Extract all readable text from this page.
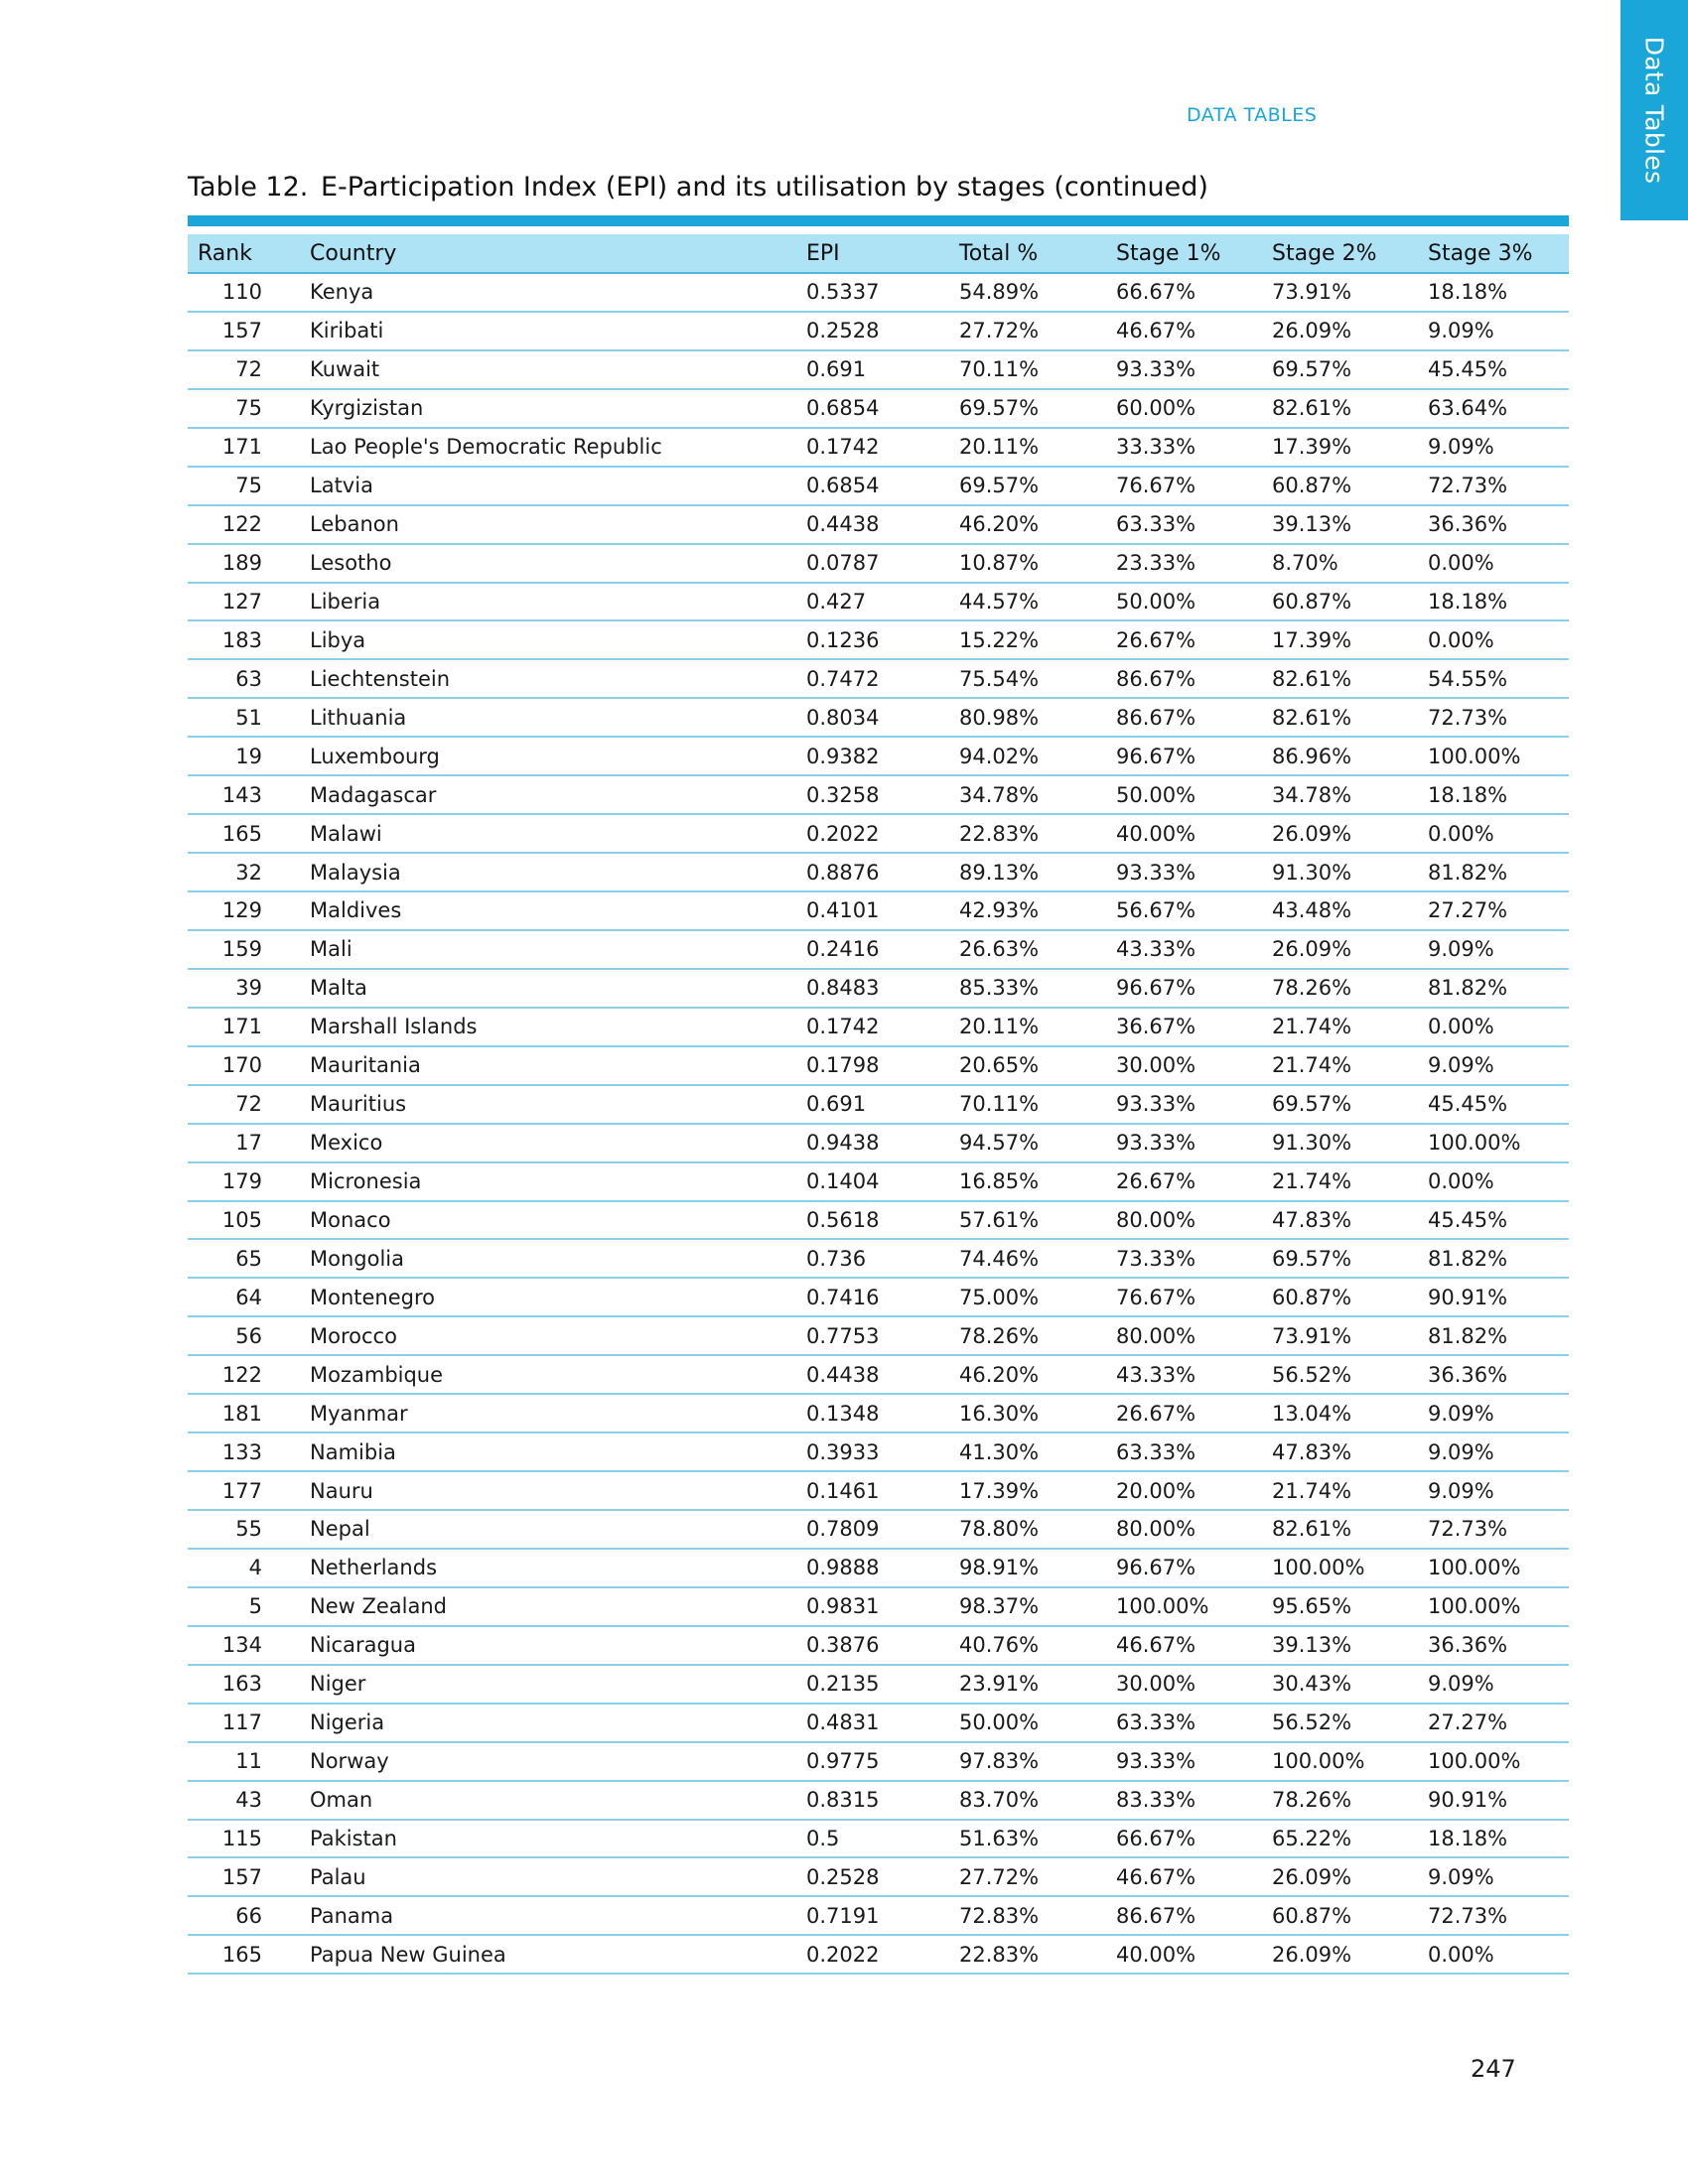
Data Tables
DATA TABLES
Table 12. E-Participation Index (EPI) and its utilisation by stages (continued)
Rank	Country	EPI	Total %	Stage 1%	Stage 2%	Stage 3%
110	Kenya	0.5337	54.89%	66.67%	73.91%	18.18%
157	Kiribati	0.2528	27.72%	46.67%	26.09%	9.09%
72	Kuwait	0.691	70.11%	93.33%	69.57%	45.45%
75	Kyrgizistan	0.6854	69.57%	60.00%	82.61%	63.64%
171	Lao People's Democratic Republic	0.1742	20.11%	33.33%	17.39%	9.09%
75	Latvia	0.6854	69.57%	76.67%	60.87%	72.73%
122	Lebanon	0.4438	46.20%	63.33%	39.13%	36.36%
189	Lesotho	0.0787	10.87%	23.33%	8.70%	0.00%
127	Liberia	0.427	44.57%	50.00%	60.87%	18.18%
183	Libya	0.1236	15.22%	26.67%	17.39%	0.00%
63	Liechtenstein	0.7472	75.54%	86.67%	82.61%	54.55%
51	Lithuania	0.8034	80.98%	86.67%	82.61%	72.73%
19	Luxembourg	0.9382	94.02%	96.67%	86.96%	100.00%
143	Madagascar	0.3258	34.78%	50.00%	34.78%	18.18%
165	Malawi	0.2022	22.83%	40.00%	26.09%	0.00%
32	Malaysia	0.8876	89.13%	93.33%	91.30%	81.82%
129	Maldives	0.4101	42.93%	56.67%	43.48%	27.27%
159	Mali	0.2416	26.63%	43.33%	26.09%	9.09%
39	Malta	0.8483	85.33%	96.67%	78.26%	81.82%
171	Marshall Islands	0.1742	20.11%	36.67%	21.74%	0.00%
170	Mauritania	0.1798	20.65%	30.00%	21.74%	9.09%
72	Mauritius	0.691	70.11%	93.33%	69.57%	45.45%
17	Mexico	0.9438	94.57%	93.33%	91.30%	100.00%
179	Micronesia	0.1404	16.85%	26.67%	21.74%	0.00%
105	Monaco	0.5618	57.61%	80.00%	47.83%	45.45%
65	Mongolia	0.736	74.46%	73.33%	69.57%	81.82%
64	Montenegro	0.7416	75.00%	76.67%	60.87%	90.91%
56	Morocco	0.7753	78.26%	80.00%	73.91%	81.82%
122	Mozambique	0.4438	46.20%	43.33%	56.52%	36.36%
181	Myanmar	0.1348	16.30%	26.67%	13.04%	9.09%
133	Namibia	0.3933	41.30%	63.33%	47.83%	9.09%
177	Nauru	0.1461	17.39%	20.00%	21.74%	9.09%
55	Nepal	0.7809	78.80%	80.00%	82.61%	72.73%
4	Netherlands	0.9888	98.91%	96.67%	100.00%	100.00%
5	New Zealand	0.9831	98.37%	100.00%	95.65%	100.00%
134	Nicaragua	0.3876	40.76%	46.67%	39.13%	36.36%
163	Niger	0.2135	23.91%	30.00%	30.43%	9.09%
117	Nigeria	0.4831	50.00%	63.33%	56.52%	27.27%
11	Norway	0.9775	97.83%	93.33%	100.00%	100.00%
43	Oman	0.8315	83.70%	83.33%	78.26%	90.91%
115	Pakistan	0.5	51.63%	66.67%	65.22%	18.18%
157	Palau	0.2528	27.72%	46.67%	26.09%	9.09%
66	Panama	0.7191	72.83%	86.67%	60.87%	72.73%
165	Papua New Guinea	0.2022	22.83%	40.00%	26.09%	0.00%
247
